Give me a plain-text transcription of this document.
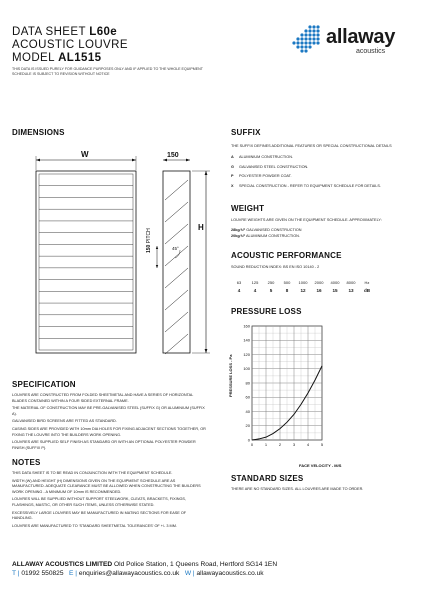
DATA SHEET L60e
ACOUSTIC LOUVRE
MODEL AL1515
THIS DATA IS ISSUED PURELY FOR GUIDANCE PURPOSES ONLY AND IF APPLIED TO THE WHOLE EQUIPMENT SCHEDULE IS SUBJECT TO REVISION WITHOUT NOTICE
allaway
acoustics
DIMENSIONS
W	150
H
150 PITCH
45°
SPECIFICATION

LOUVRES ARE CONSTRUCTED FROM FOLDED SHEETMETAL AND HAVE A SERIES OF HORIZONTAL BLADES CONTAINED WITHIN A FOUR SIDED EXTERNAL FRAME.

THE MATERIAL OF CONSTRUCTION MAY BE PRE-GALVANISED STEEL (SUFFIX G) OR ALUMINIUM (SUFFIX A).

GALVANISED BIRD SCREENS ARE FITTED AS STANDARD.

CASING SIDES ARE PROVIDED WITH 10mm DIA HOLES FOR FIXING ADJACENT SECTIONS TOGETHER, OR FIXING THE LOUVRE INTO THE BUILDERS WORK OPENING.

LOUVRES ARE SUPPLIED SELF FINISH AS STANDARD OR WITH AN OPTIONAL POLYESTER POWDER FINISH (SUFFIX P).

NOTES

THIS DATA SHEET IS TO BE READ IN CONJUNCTION WITH THE EQUIPMENT SCHEDULE.

WIDTH (W) AND HEIGHT (H) DIMENSIONS GIVEN ON THE EQUIPMENT SCHEDULE ARE AS MANUFACTURED. ADEQUATE CLEARANCE MUST BE ALLOWED WHEN CONSTRUCTING THE BUILDERS WORK OPENING - A MINIMUM OF 10mm IS RECOMMENDED.

LOUVRES WILL BE SUPPLIED WITHOUT SUPPORT STEELWORK, CLEATS, BRACKETS, FIXINGS, FLASHINGS, MASTIC, OR OTHER SUCH ITEMS, UNLESS OTHERWISE STATED.

EXCESSIVELY LARGE LOUVRES MAY BE MANUFACTURED IN MATING SECTIONS FOR EASE OF HANDLING.

LOUVRES ARE MANUFACTURED TO 'STANDARD SHEETMETAL TOLERANCES' OF +/- 3 MM.

SUFFIX
THE SUFFIX DEFINES ADDITIONAL FEATURES OR SPECIAL CONSTRUCTIONAL DETAILS
A ALUMINIUM CONSTRUCTION.
G GALVANISED STEEL CONSTRUCTION.
P POLYESTER POWDER COAT.
X SPECIAL CONSTRUCTION - REFER TO EQUIPMENT SCHEDULE FOR DETAILS.
WEIGHT
LOUVRE WEIGHTS ARE GIVEN ON THE EQUIPMENT SCHEDULE. APPROXIMATELY:
28kg/M² GALVANISED CONSTRUCTION
20kg/M² ALUMINIUM CONSTRUCTION.
ACOUSTIC PERFORMANCE
SOUND REDUCTION INDEX: BS EN ISO 10140 - 2
63	125	250	500	1000	2000	4000	8000	Hz
4	4	5	8	12	16	15	13	dB
PRESSURE LOSS
0
20
40
60
80
100
120
140
160
0	1	2	3	4	5
PRESSURE LOSS - Pa
FACE VELOCITY - M/S
STANDARD SIZES
THERE ARE NO STANDARD SIZES. ALL LOUVRES ARE MADE TO ORDER.
ALLAWAY ACOUSTICS LIMITED Old Police Station, 1 Queens Road, Hertford SG14 1EN
T | 01992 550825 E | enquiries@allawayacoustics.co.uk W | allawayacoustics.co.uk
